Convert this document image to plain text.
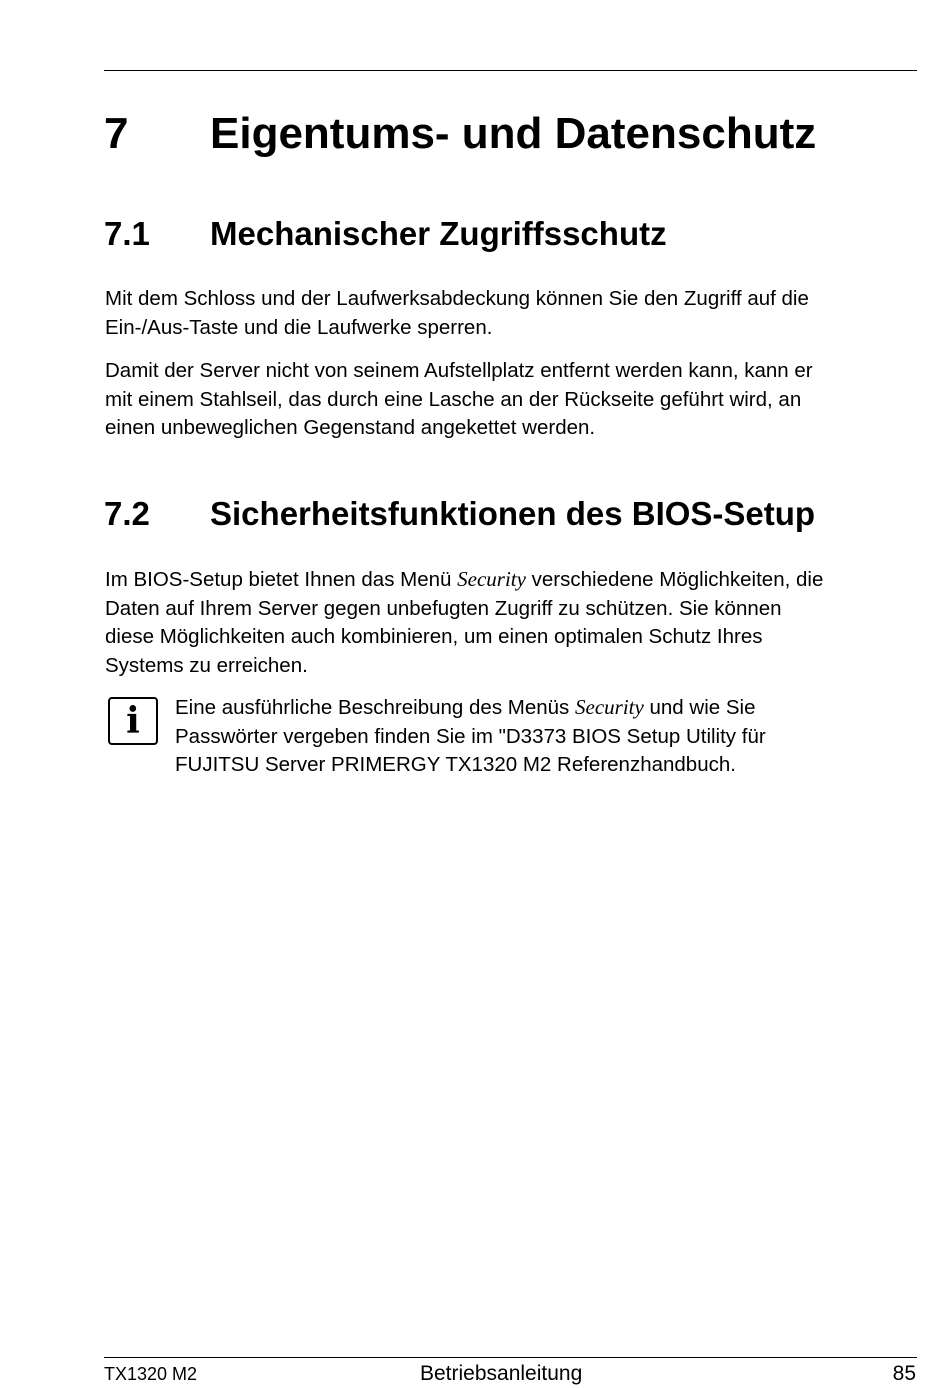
7 Eigentums- und Datenschutz
7.1 Mechanischer Zugriffsschutz

Mit dem Schloss und der Laufwerksabdeckung können Sie den Zugriff auf die
Ein-/Aus-Taste und die Laufwerke sperren.

Damit der Server nicht von seinem Aufstellplatz entfernt werden kann, kann er
mit einem Stahlseil, das durch eine Lasche an der Rückseite geführt wird, an
einen unbeweglichen Gegenstand angekettet werden.

7.2 Sicherheitsfunktionen des BIOS-Setup

Im BIOS-Setup bietet Ihnen das Menü Security verschiedene Möglichkeiten, die
Daten auf Ihrem Server gegen unbefugten Zugriff zu schützen. Sie können
diese Möglichkeiten auch kombinieren, um einen optimalen Schutz Ihres
Systems zu erreichen.

i	Eine ausführliche Beschreibung des Menüs Security und wie Sie
Passwörter vergeben finden Sie im "D3373 BIOS Setup Utility für
FUJITSU Server PRIMERGY TX1320 M2 Referenzhandbuch.

TX1320 M2	Betriebsanleitung	85
